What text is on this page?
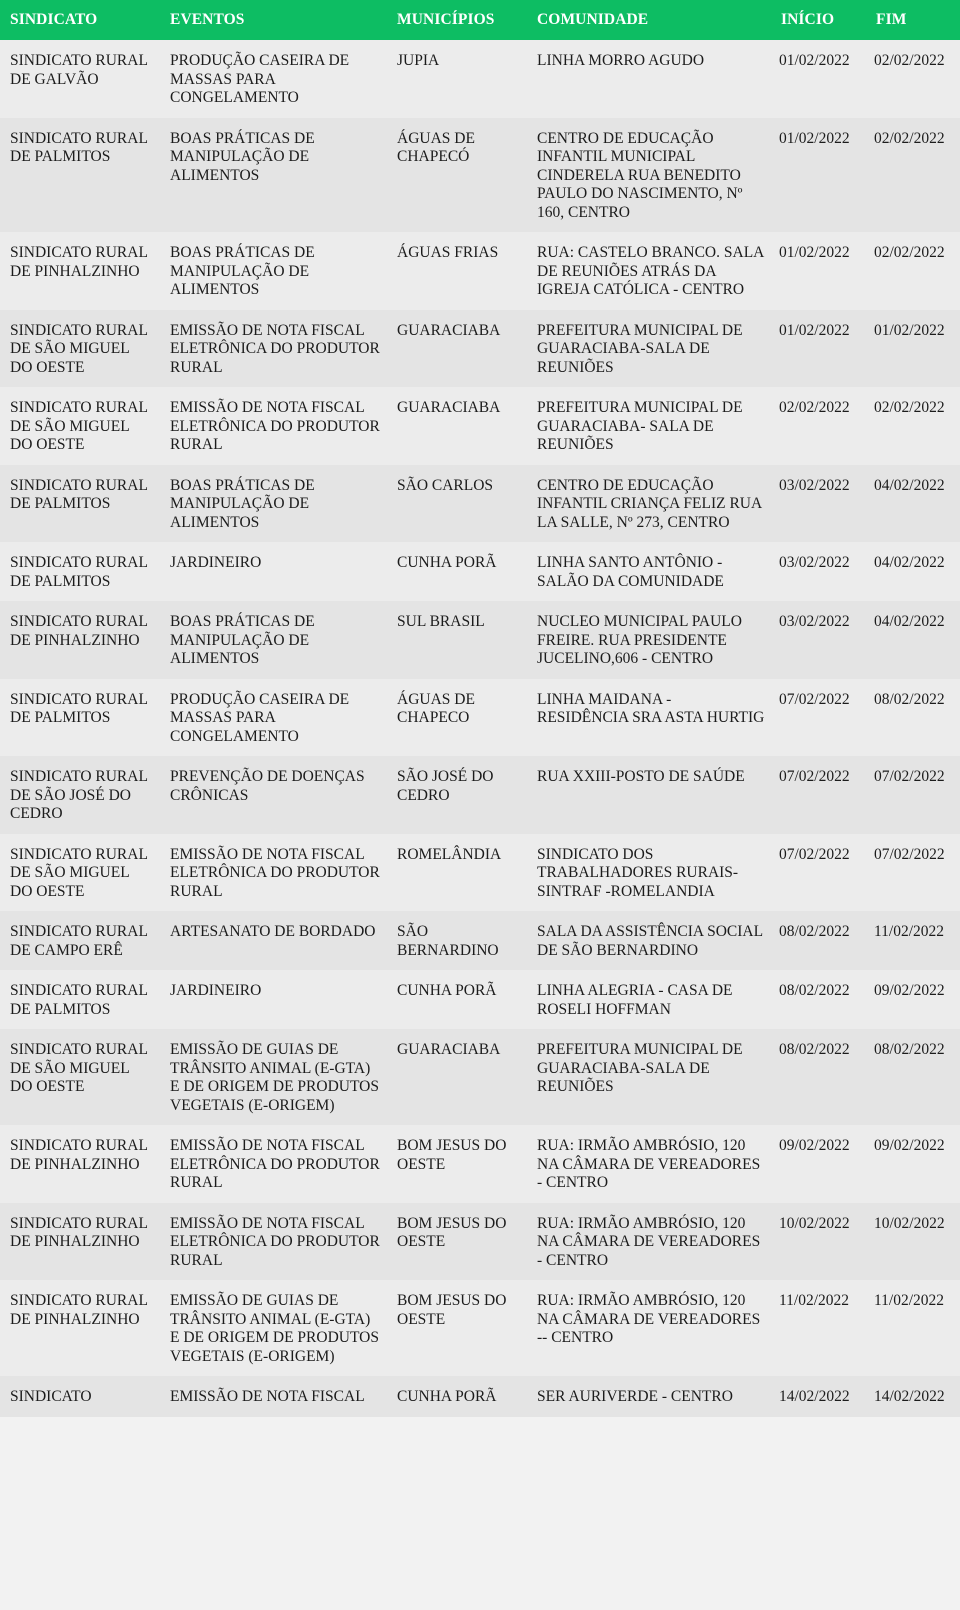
SINDICATO	EVENTOS	MUNICÍPIOS	COMUNIDADE	INÍCIO	FIM
SINDICATO RURAL DE GALVÃO	PRODUÇÃO CASEIRA DE MASSAS PARA CONGELAMENTO	JUPIA	LINHA MORRO AGUDO	01/02/2022	02/02/2022
SINDICATO RURAL DE PALMITOS	BOAS PRÁTICAS DE MANIPULAÇÃO DE ALIMENTOS	ÁGUAS DE CHAPECÓ	CENTRO DE EDUCAÇÃO INFANTIL MUNICIPAL CINDERELA RUA BENEDITO PAULO DO NASCIMENTO, Nº 160, CENTRO	01/02/2022	02/02/2022
SINDICATO RURAL DE PINHALZINHO	BOAS PRÁTICAS DE MANIPULAÇÃO DE ALIMENTOS	ÁGUAS FRIAS	RUA: CASTELO BRANCO. SALA DE REUNIÕES ATRÁS DA IGREJA CATÓLICA - CENTRO	01/02/2022	02/02/2022
SINDICATO RURAL DE SÃO MIGUEL DO OESTE	EMISSÃO DE NOTA FISCAL ELETRÔNICA DO PRODUTOR RURAL	GUARACIABA	PREFEITURA MUNICIPAL DE GUARACIABA-SALA DE REUNIÕES	01/02/2022	01/02/2022
SINDICATO RURAL DE SÃO MIGUEL DO OESTE	EMISSÃO DE NOTA FISCAL ELETRÔNICA DO PRODUTOR RURAL	GUARACIABA	PREFEITURA MUNICIPAL DE GUARACIABA- SALA DE REUNIÕES	02/02/2022	02/02/2022
SINDICATO RURAL DE PALMITOS	BOAS PRÁTICAS DE MANIPULAÇÃO DE ALIMENTOS	SÃO CARLOS	CENTRO DE EDUCAÇÃO INFANTIL CRIANÇA FELIZ RUA LA SALLE, Nº 273, CENTRO	03/02/2022	04/02/2022
SINDICATO RURAL DE PALMITOS	JARDINEIRO	CUNHA PORÃ	LINHA SANTO ANTÔNIO - SALÃO DA COMUNIDADE	03/02/2022	04/02/2022
SINDICATO RURAL DE PINHALZINHO	BOAS PRÁTICAS DE MANIPULAÇÃO DE ALIMENTOS	SUL BRASIL	NUCLEO MUNICIPAL PAULO FREIRE. RUA PRESIDENTE JUCELINO,606 - CENTRO	03/02/2022	04/02/2022
SINDICATO RURAL DE PALMITOS	PRODUÇÃO CASEIRA DE MASSAS PARA CONGELAMENTO	ÁGUAS DE CHAPECO	LINHA MAIDANA - RESIDÊNCIA SRA ASTA HURTIG	07/02/2022	08/02/2022
SINDICATO RURAL DE SÃO JOSÉ DO CEDRO	PREVENÇÃO DE DOENÇAS CRÔNICAS	SÃO JOSÉ DO CEDRO	RUA XXIII-POSTO DE SAÚDE	07/02/2022	07/02/2022
SINDICATO RURAL DE SÃO MIGUEL DO OESTE	EMISSÃO DE NOTA FISCAL ELETRÔNICA DO PRODUTOR RURAL	ROMELÂNDIA	SINDICATO DOS TRABALHADORES RURAIS-SINTRAF -ROMELANDIA	07/02/2022	07/02/2022
SINDICATO RURAL DE CAMPO ERÊ	ARTESANATO DE BORDADO	SÃO BERNARDINO	SALA DA ASSISTÊNCIA SOCIAL DE SÃO BERNARDINO	08/02/2022	11/02/2022
SINDICATO RURAL DE PALMITOS	JARDINEIRO	CUNHA PORÃ	LINHA ALEGRIA - CASA DE ROSELI HOFFMAN	08/02/2022	09/02/2022
SINDICATO RURAL DE SÃO MIGUEL DO OESTE	EMISSÃO DE GUIAS DE TRÂNSITO ANIMAL (E-GTA) E DE ORIGEM DE PRODUTOS VEGETAIS (E-ORIGEM)	GUARACIABA	PREFEITURA MUNICIPAL DE GUARACIABA-SALA DE REUNIÕES	08/02/2022	08/02/2022
SINDICATO RURAL DE PINHALZINHO	EMISSÃO DE NOTA FISCAL ELETRÔNICA DO PRODUTOR RURAL	BOM JESUS DO OESTE	RUA: IRMÃO AMBRÓSIO, 120 NA CÂMARA DE VEREADORES - CENTRO	09/02/2022	09/02/2022
SINDICATO RURAL DE PINHALZINHO	EMISSÃO DE NOTA FISCAL ELETRÔNICA DO PRODUTOR RURAL	BOM JESUS DO OESTE	RUA: IRMÃO AMBRÓSIO, 120 NA CÂMARA DE VEREADORES - CENTRO	10/02/2022	10/02/2022
SINDICATO RURAL DE PINHALZINHO	EMISSÃO DE GUIAS DE TRÂNSITO ANIMAL (E-GTA) E DE ORIGEM DE PRODUTOS VEGETAIS (E-ORIGEM)	BOM JESUS DO OESTE	RUA: IRMÃO AMBRÓSIO, 120 NA CÂMARA DE VEREADORES -- CENTRO	11/02/2022	11/02/2022
SINDICATO	EMISSÃO DE NOTA FISCAL	CUNHA PORÃ	SER AURIVERDE - CENTRO	14/02/2022	14/02/2022
